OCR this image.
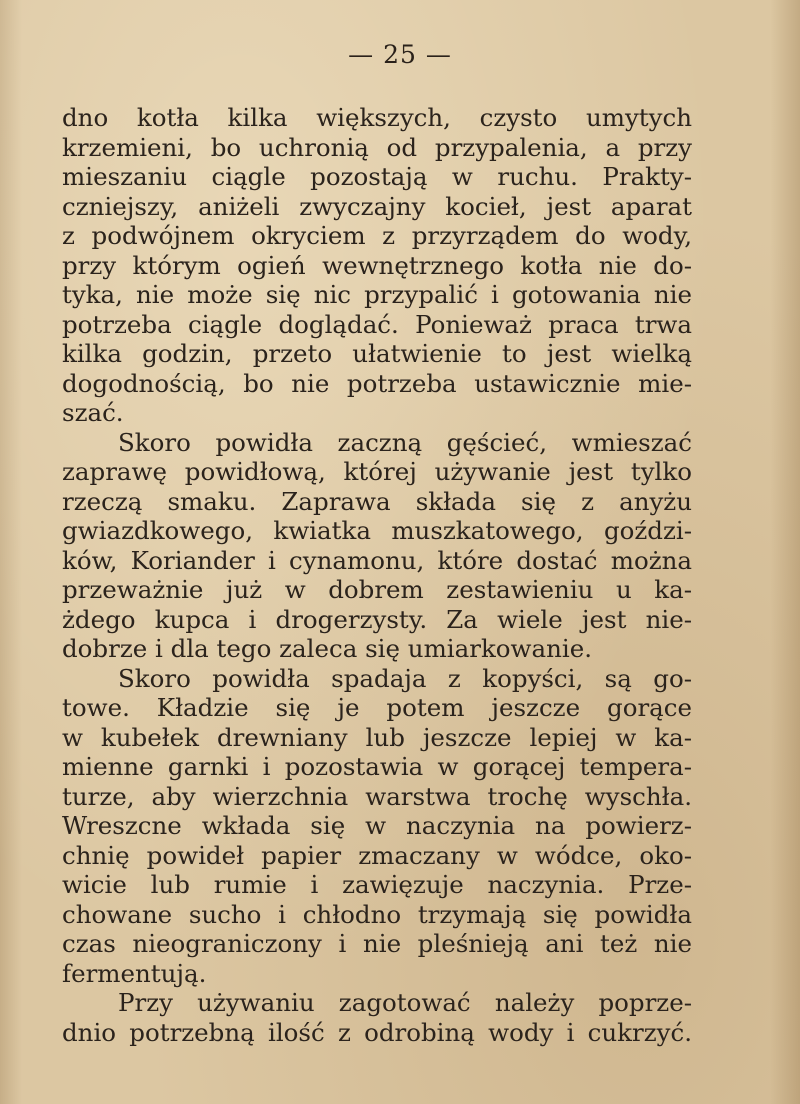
— 25 —
dno kotła kilka większych, czysto umytych
krzemieni, bo uchronią od przypalenia, a przy
mieszaniu ciągle pozostają w ruchu. Prakty-
czniejszy, aniżeli zwyczajny kocieł, jest aparat
z podwójnem okryciem z przyrządem do wody,
przy którym ogień wewnętrznego kotła nie do-
tyka, nie może się nic przypalić i gotowania nie
potrzeba ciągle doglądać. Ponieważ praca trwa
kilka godzin, przeto ułatwienie to jest wielką
dogodnością, bo nie potrzeba ustawicznie mie-
szać.
Skoro powidła zaczną gęścieć, wmieszać
zaprawę powidłową, której używanie jest tylko
rzeczą smaku. Zaprawa składa się z anyżu
gwiazdkowego, kwiatka muszkatowego, goździ-
ków, Koriander i cynamonu, które dostać można
przeważnie już w dobrem zestawieniu u ka-
żdego kupca i drogerzysty. Za wiele jest nie-
dobrze i dla tego zaleca się umiarkowanie.
Skoro powidła spadaja z kopyści, są go-
towe. Kładzie się je potem jeszcze gorące
w kubełek drewniany lub jeszcze lepiej w ka-
mienne garnki i pozostawia w gorącej tempera-
turze, aby wierzchnia warstwa trochę wyschła.
Wreszcne wkłada się w naczynia na powierz-
chnię powideł papier zmaczany w wódce, oko-
wicie lub rumie i zawięzuje naczynia. Prze-
chowane sucho i chłodno trzymają się powidła
czas nieograniczony i nie pleśnieją ani też nie
fermentują.
Przy używaniu zagotować należy poprze-
dnio potrzebną ilość z odrobiną wody i cukrzyć.
